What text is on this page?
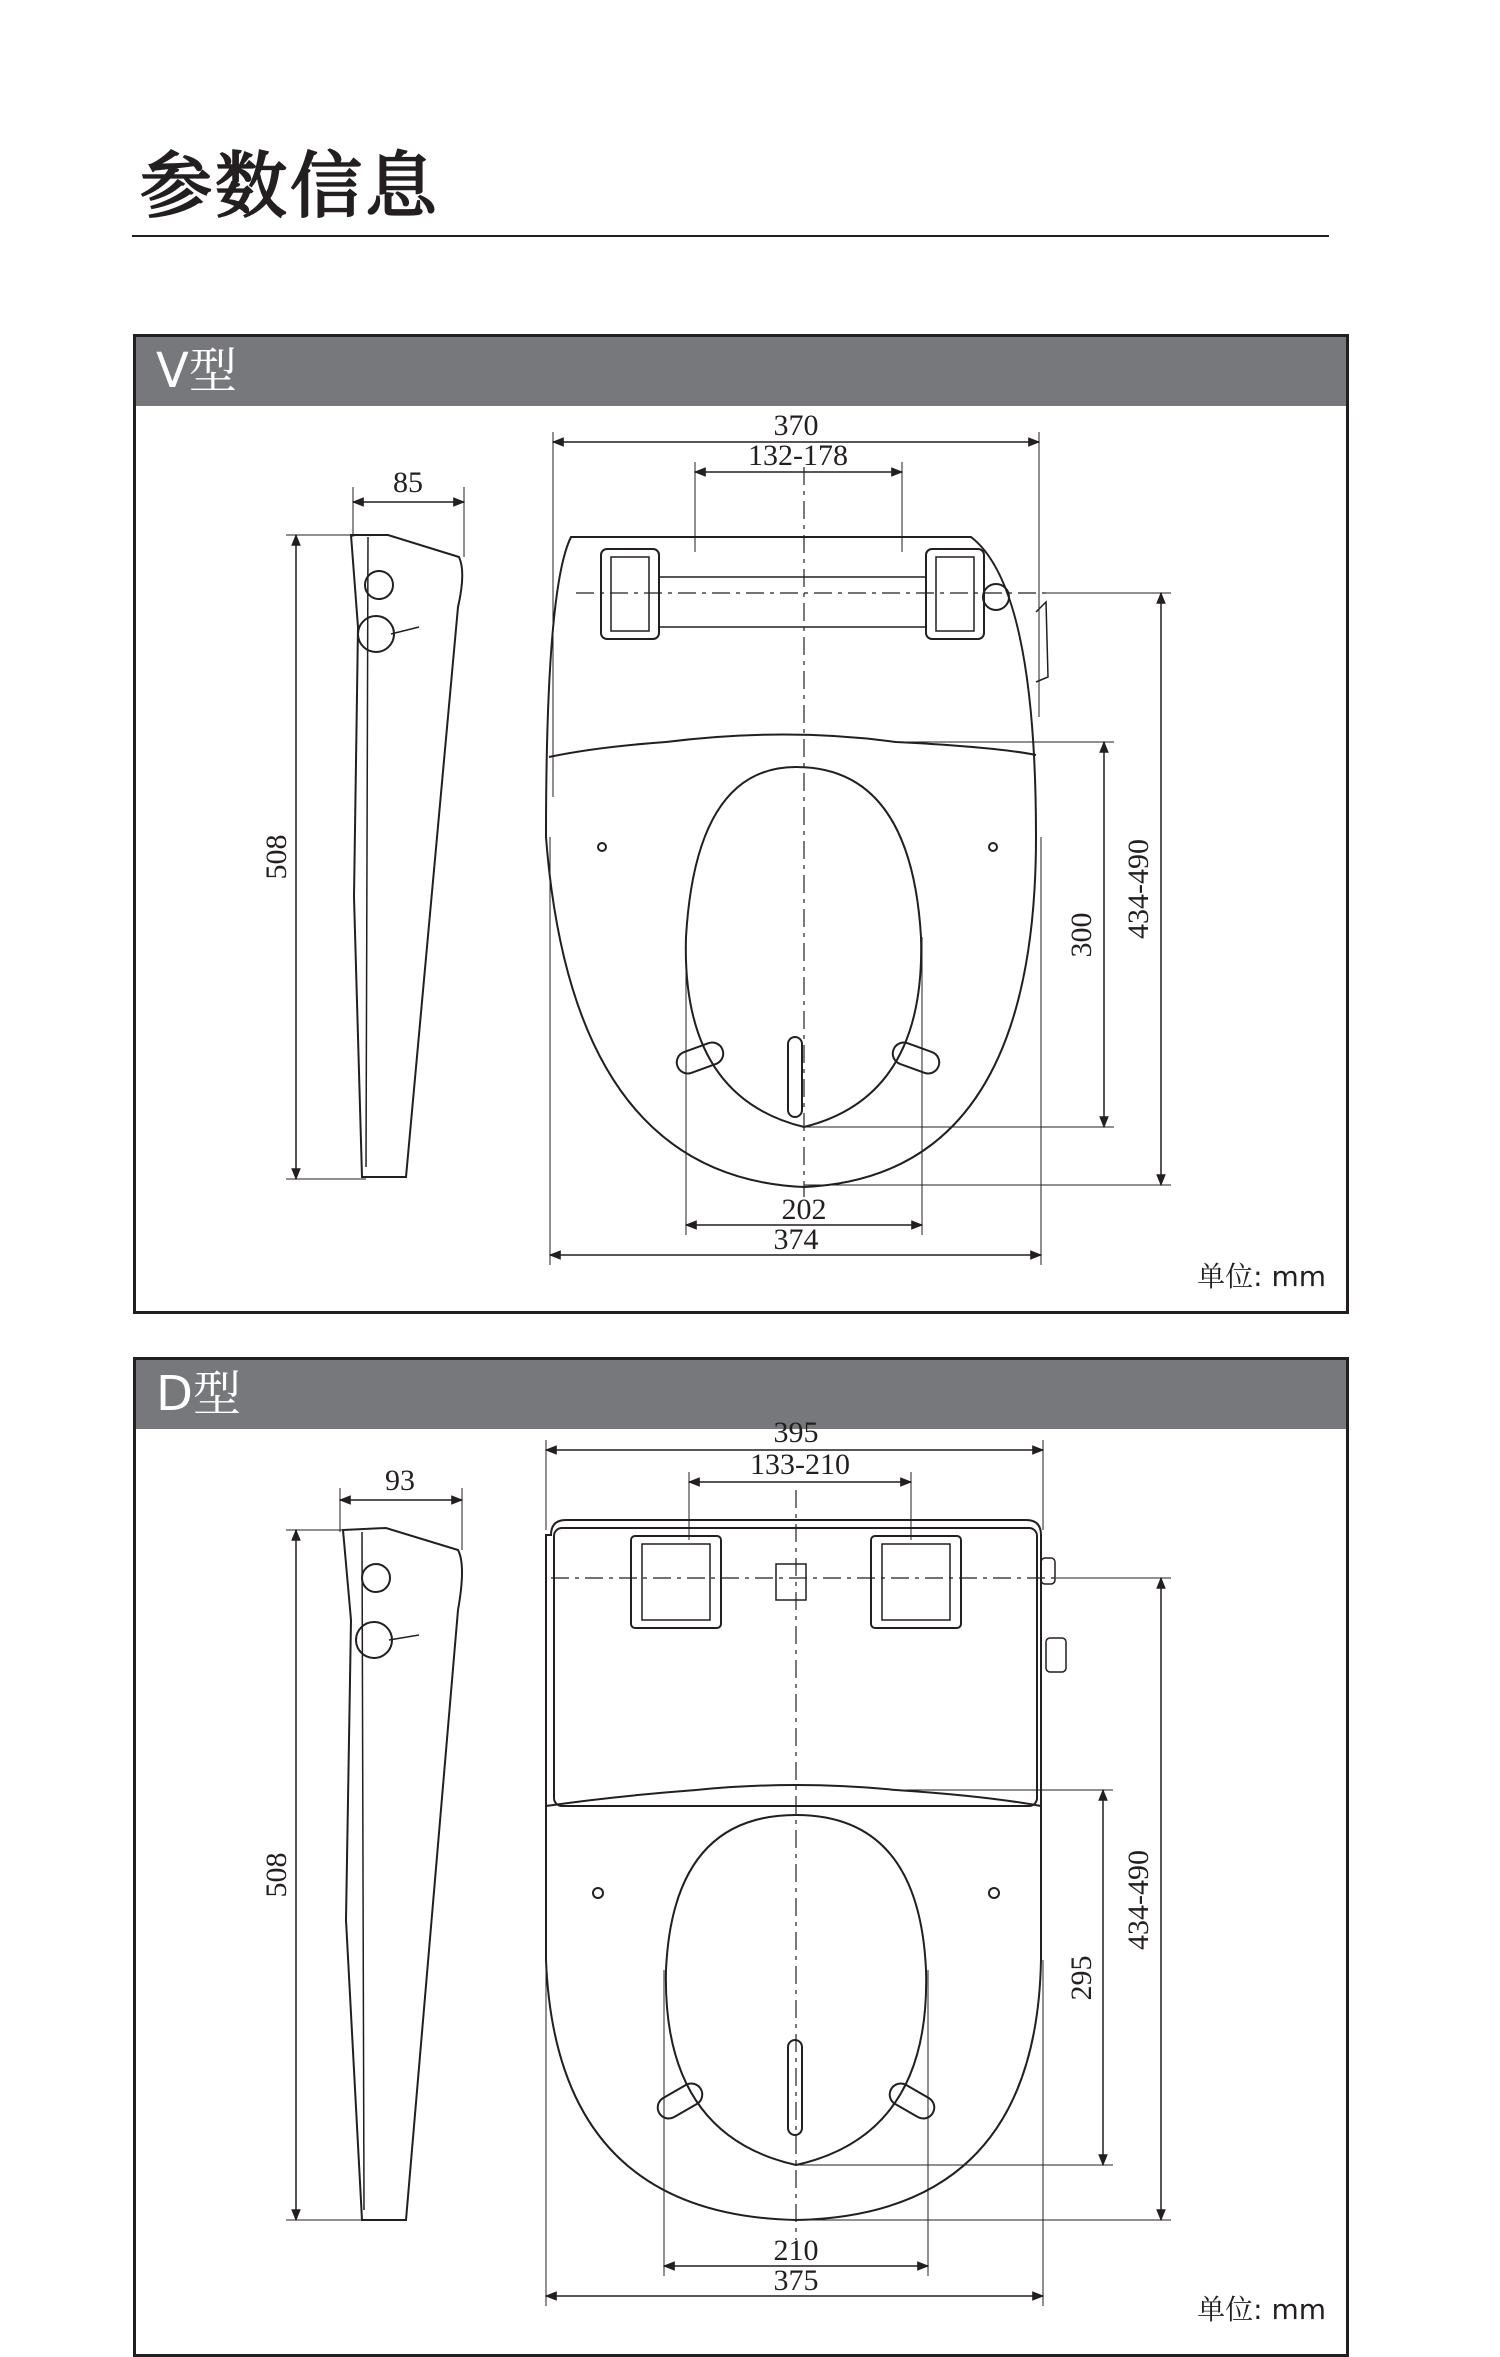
参数信息
V型
85
508
370
132-178
300 434-490
202
374
单位: mm
D型
93
508
395
133-210
295
434-490
210
375
单位: mm
